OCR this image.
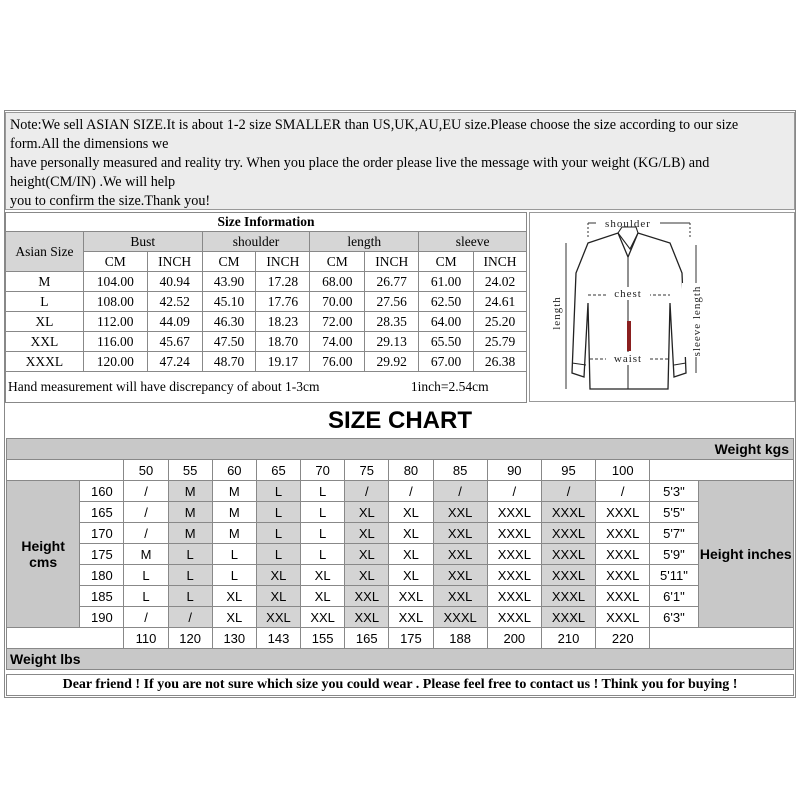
Note:We sell ASIAN SIZE.It is about 1-2 size SMALLER than US,UK,AU,EU size.Please choose the size according to our size form.All the dimensions we

have personally measured and reality try. When you place the order please live the message with your weight (KG/LB) and height(CM/IN) .We will help

you to confirm the size.Thank you!

Size Information								
Asian Size	Bust		shoulder		length		sleeve	
	CM	INCH	CM	INCH	CM	INCH	CM	INCH
M	104.00	40.94	43.90	17.28	68.00	26.77	61.00	24.02
L	108.00	42.52	45.10	17.76	70.00	27.56	62.50	24.61
XL	112.00	44.09	46.30	18.23	72.00	28.35	64.00	25.20
XXL	116.00	45.67	47.50	18.70	74.00	29.13	65.50	25.79
XXXL	120.00	47.24	48.70	19.17	76.00	29.92	67.00	26.38
Hand measurement will have discrepancy of about 1-3cm 1inch=2.54cm								
shoulder
chest
waist
length	sleeve length
SIZE CHART
Weight kgs														
		50	55	60	65	70	75	80	85	90	95	100		
Height cms	160	/	M	M	L	L	/	/	/	/	/	/	5'3"	Height inches
	165	/	M	M	L	L	XL	XL	XXL	XXXL	XXXL	XXXL	5'5"	
	170	/	M	M	L	L	XL	XL	XXL	XXXL	XXXL	XXXL	5'7"	
	175	M	L	L	L	L	XL	XL	XXL	XXXL	XXXL	XXXL	5'9"	
	180	L	L	L	XL	XL	XL	XL	XXL	XXXL	XXXL	XXXL	5'11"	
	185	L	L	XL	XL	XL	XXL	XXL	XXL	XXXL	XXXL	XXXL	6'1"	
	190	/	/	XL	XXL	XXL	XXL	XXL	XXXL	XXXL	XXXL	XXXL	6'3"	
		110	120	130	143	155	165	175	188	200	210	220		
Weight lbs														
Dear friend ! If you are not sure which size you could wear . Please feel free to contact us ! Think you for buying !
